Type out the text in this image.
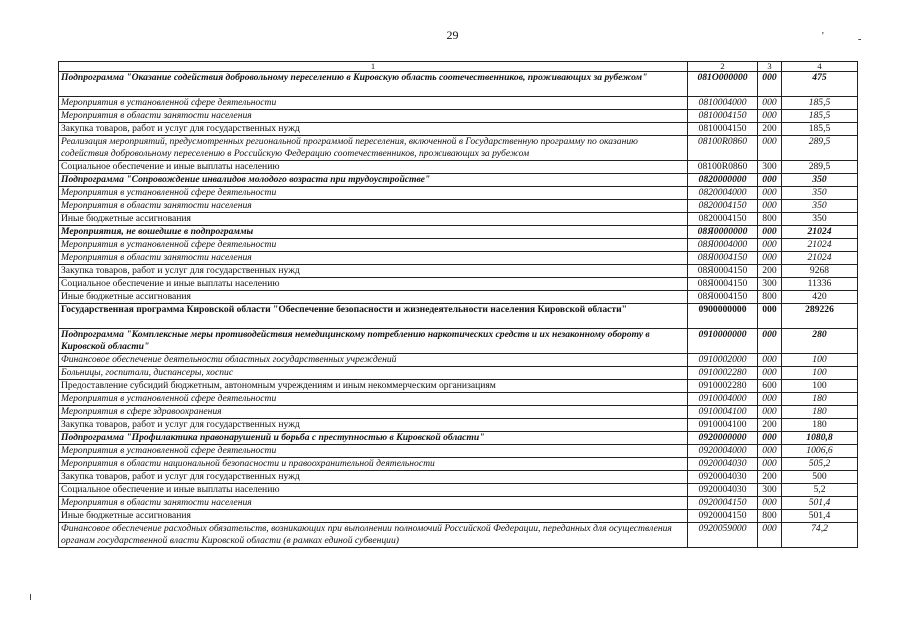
29	'	-
1	2	3	4
Подпрограмма "Оказание содействия добровольному переселению в Кировскую область соотечественников, проживающих за рубежом"	081O000000	000	475
Мероприятия в установленной сфере деятельности	0810004000	000	185,5
Мероприятия в области занятости населения	0810004150	000	185,5
Закупка товаров, работ и услуг для государственных нужд	0810004150	200	185,5
Реализация мероприятий, предусмотренных региональной программой переселения, включенной в Государственную программу по оказанию содействия добровольному переселению в Российскую Федерацию соотечественников, проживающих за рубежом	08100R0860	000	289,5
Социальное обеспечение и иные выплаты населению	08100R0860	300	289,5
Подпрограмма "Сопровождение инвалидов молодого возраста при трудоустройстве"	0820000000	000	350
Мероприятия в установленной сфере деятельности	0820004000	000	350
Мероприятия в области занятости населения	0820004150	000	350
Иные бюджетные ассигнования	0820004150	800	350
Мероприятия, не вошедшие в подпрограммы	08Я0000000	000	21024
Мероприятия в установленной сфере деятельности	08Я0004000	000	21024
Мероприятия в области занятости населения	08Я0004150	000	21024
Закупка товаров, работ и услуг для государственных нужд	08Я0004150	200	9268
Социальное обеспечение и иные выплаты населению	08Я0004150	300	11336
Иные бюджетные ассигнования	08Я0004150	800	420
Государственная программа Кировской области "Обеспечение безопасности и жизнедеятельности населения Кировской области"	0900000000	000	289226
Подпрограмма "Комплексные меры противодействия немедицинскому потреблению наркотических средств и их незаконному обороту в Кировской области"	0910000000	000	280
Финансовое обеспечение деятельности областных государственных учреждений	0910002000	000	100
Больницы, госпитали, диспансеры, хоспис	0910002280	000	100
Предоставление субсидий бюджетным, автономным учреждениям и иным некоммерческим организациям	0910002280	600	100
Мероприятия в установленной сфере деятельности	0910004000	000	180
Мероприятия в сфере здравоохранения	0910004100	000	180
Закупка товаров, работ и услуг для государственных нужд	0910004100	200	180
Подпрограмма "Профилактика правонарушений и борьба с преступностью в Кировской области"	0920000000	000	1080,8
Мероприятия в установленной сфере деятельности	0920004000	000	1006,6
Мероприятия в области национальной безопасности и правоохранительной деятельности	0920004030	000	505,2
Закупка товаров, работ и услуг для государственных нужд	0920004030	200	500
Социальное обеспечение и иные выплаты населению	0920004030	300	5,2
Мероприятия в области занятости населения	0920004150	000	501,4
Иные бюджетные ассигнования	0920004150	800	501,4
Финансовое обеспечение расходных обязательств, возникающих при выполнении полномочий Российской Федерации, переданных для осуществления органам государственной власти Кировской области (в рамках единой субвенции)	0920059000	000	74,2
